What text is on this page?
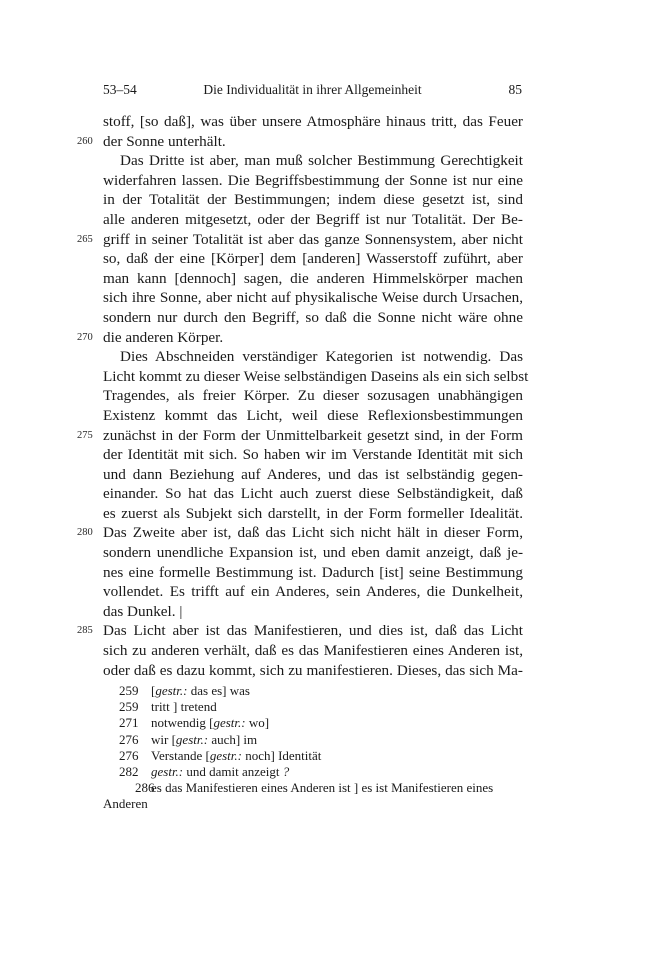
53–54	Die Individualität in ihrer Allgemeinheit	85
stoff, [so daß], was über unsere Atmosphäre hinaus tritt, das Feuer
der Sonne unterhält.
260
Das Dritte ist aber, man muß solcher Bestimmung Gerechtigkeit
widerfahren lassen. Die Begriffsbestimmung der Sonne ist nur eine
in der Totalität der Bestimmungen; indem diese gesetzt ist, sind
alle anderen mitgesetzt, oder der Begriff ist nur Totalität. Der Be-
griff in seiner Totalität ist aber das ganze Sonnensystem, aber nicht
265
so, daß der eine [Körper] dem [anderen] Wasserstoff zuführt, aber
man kann [dennoch] sagen, die anderen Himmelskörper machen
sich ihre Sonne, aber nicht auf physikalische Weise durch Ursachen,
sondern nur durch den Begriff, so daß die Sonne nicht wäre ohne
die anderen Körper.
270
Dies Abschneiden verständiger Kategorien ist notwendig. Das
Licht kommt zu dieser Weise selbständigen Daseins als ein sich selbst
Tragendes, als freier Körper. Zu dieser sozusagen unabhängigen
Existenz kommt das Licht, weil diese Reflexionsbestimmungen
zunächst in der Form der Unmittelbarkeit gesetzt sind, in der Form
275
der Identität mit sich. So haben wir im Verstande Identität mit sich
und dann Beziehung auf Anderes, und das ist selbständig gegen-
einander. So hat das Licht auch zuerst diese Selbständigkeit, daß
es zuerst als Subjekt sich darstellt, in der Form formeller Idealität.
Das Zweite aber ist, daß das Licht sich nicht hält in dieser Form,
280
sondern unendliche Expansion ist, und eben damit anzeigt, daß je-
nes eine formelle Bestimmung ist. Dadurch [ist] seine Bestimmung
vollendet. Es trifft auf ein Anderes, sein Anderes, die Dunkelheit,
das Dunkel. |
Das Licht aber ist das Manifestieren, und dies ist, daß das Licht
285
sich zu anderen verhält, daß es das Manifestieren eines Anderen ist,
oder daß es dazu kommt, sich zu manifestieren. Dieses, das sich Ma-
259 [gestr.: das es] was
259 tritt ] tretend
271 notwendig [gestr.: wo]
276 wir [gestr.: auch] im
276 Verstande [gestr.: noch] Identität
282 gestr.: und damit anzeigt ?
286es das Manifestieren eines Anderen ist ] es ist Manifestieren eines Anderen
